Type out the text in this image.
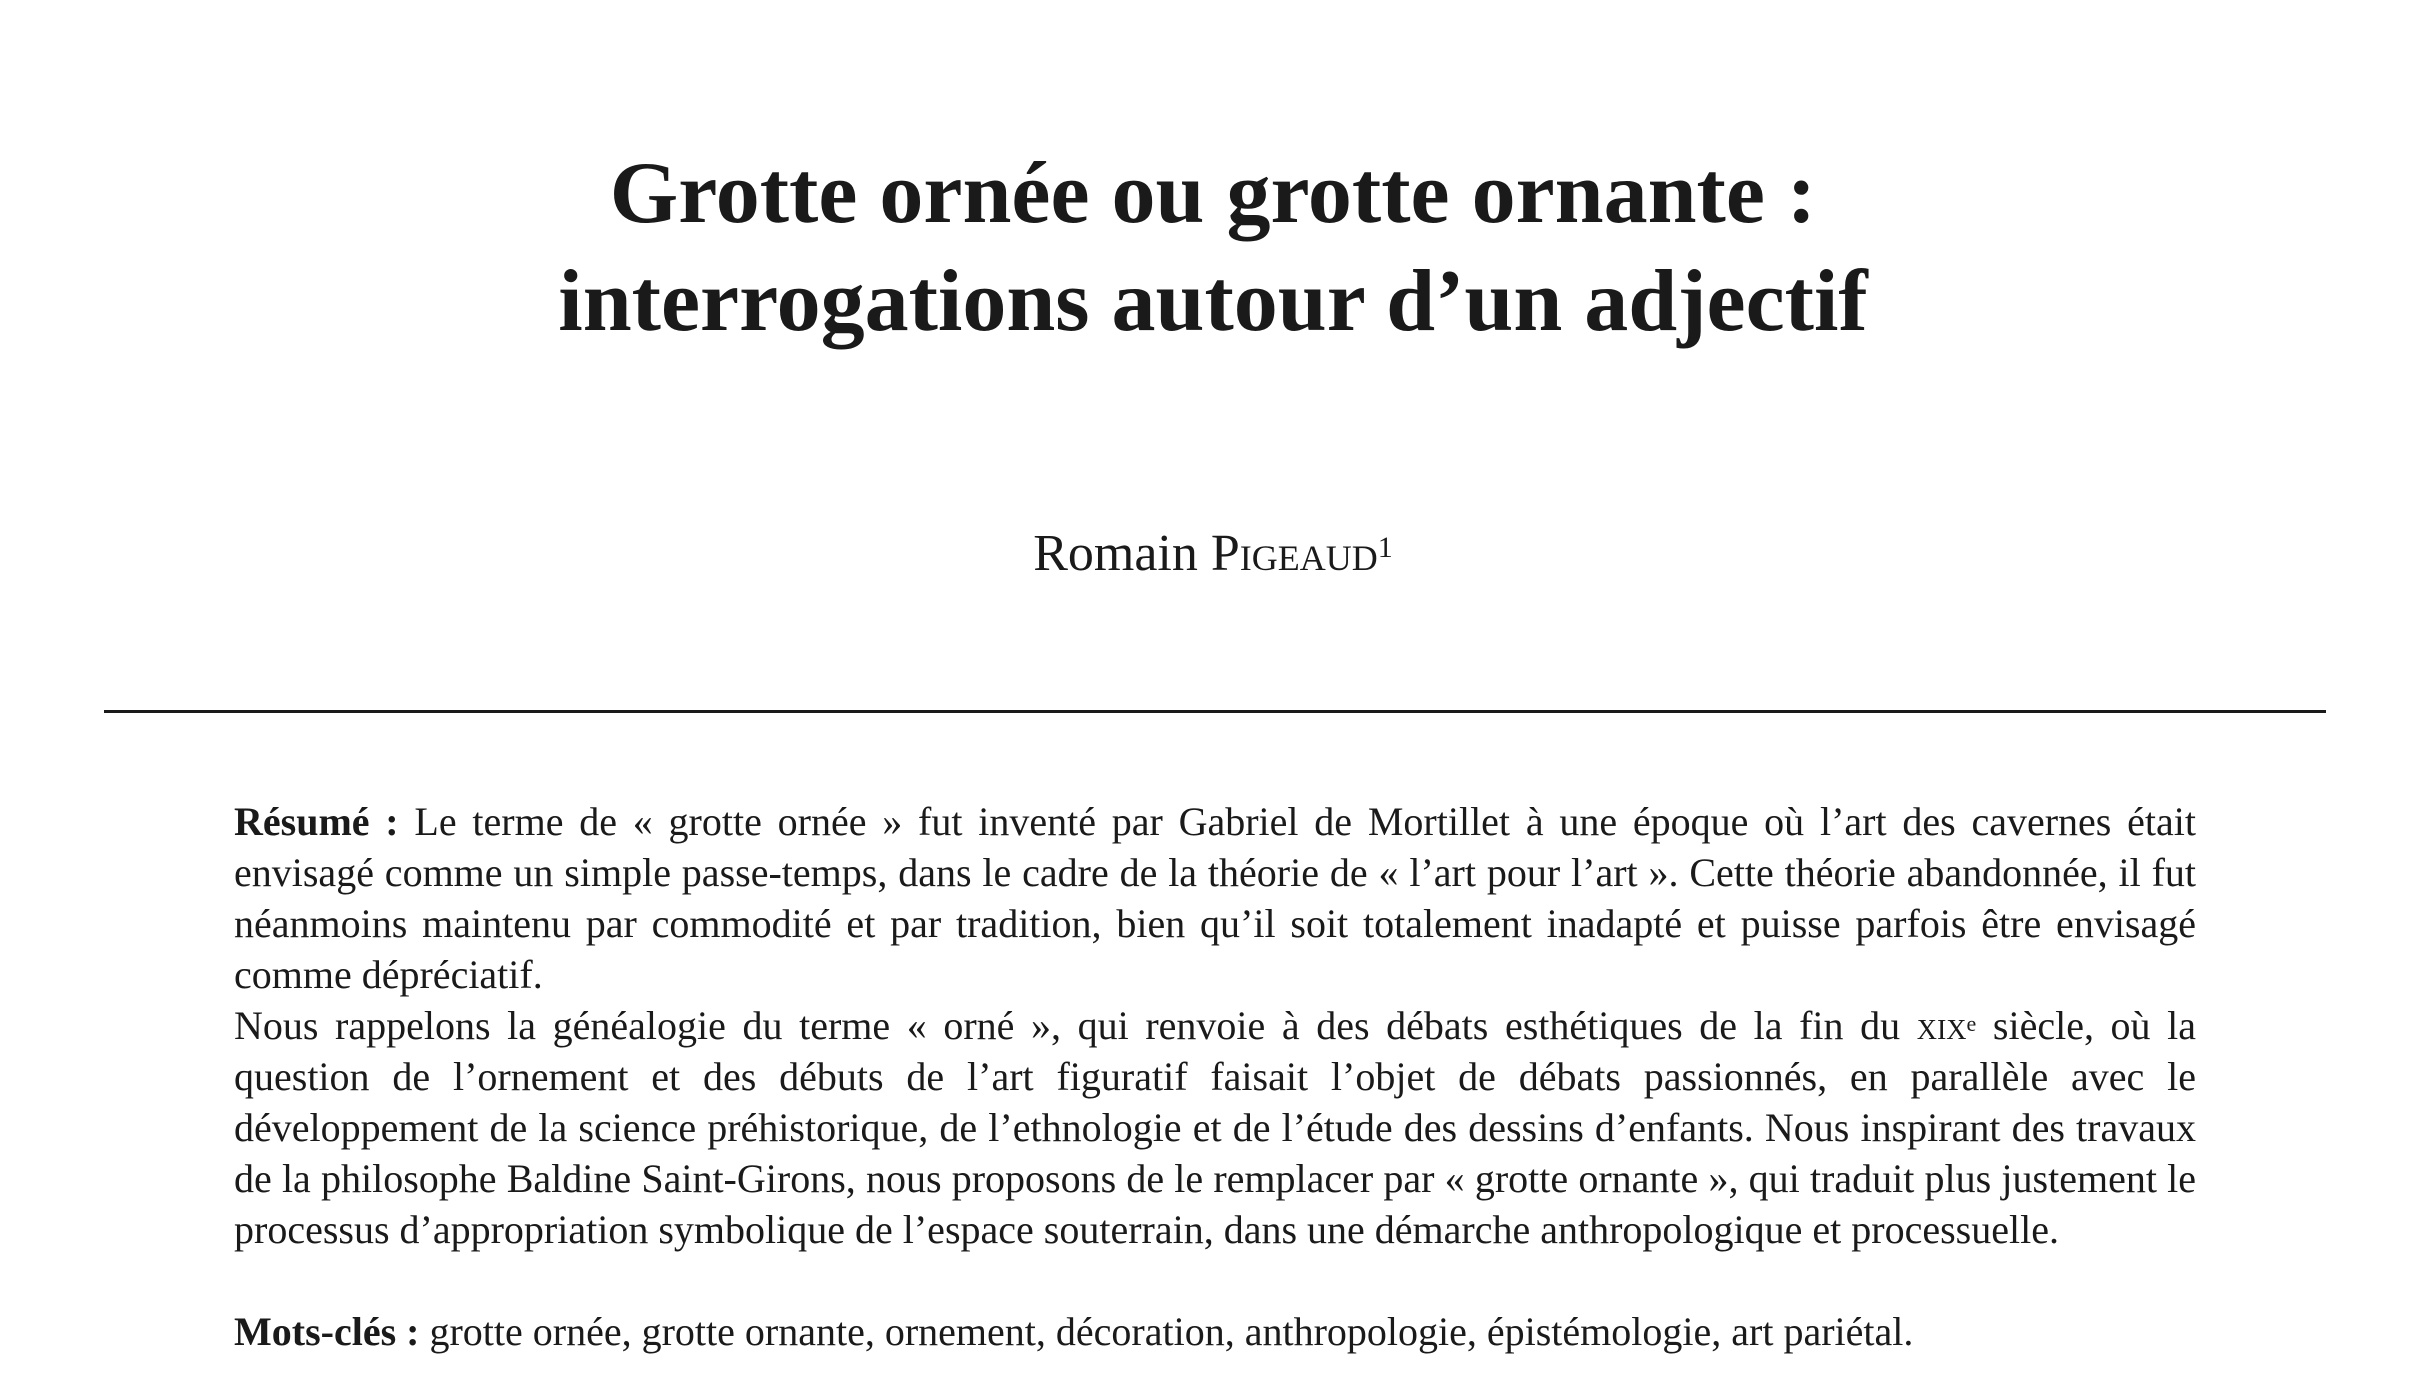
Grotte ornée ou grotte ornante :
interrogations autour d’un adjectif
Romain Pigeaud$^1$

Résumé : Le terme de « grotte ornée » fut inventé par Gabriel de Mortillet à une époque où l’art des cavernes était envisagé comme un simple passe-temps, dans le cadre de la théorie de « l’art pour l’art ». Cette théorie abandonnée, il fut néanmoins maintenu par commodité et par tradition, bien qu’il soit totalement inadapté et puisse parfois être envisagé comme dépréciatif.

Nous rappelons la généalogie du terme « orné », qui renvoie à des débats esthétiques de la fin du xix$^e$ siècle, où la question de l’ornement et des débuts de l’art figuratif faisait l’objet de débats passionnés, en parallèle avec le développement de la science préhistorique, de l’ethnologie et de l’étude des dessins d’enfants. Nous inspirant des travaux de la philosophe Baldine Saint-Girons, nous proposons de le remplacer par « grotte ornante », qui traduit plus justement le processus d’appropriation symbolique de l’espace souterrain, dans une démarche anthropologique et processuelle.

Mots-clés : grotte ornée, grotte ornante, ornement, décoration, anthropologie, épistémologie, art pariétal.
